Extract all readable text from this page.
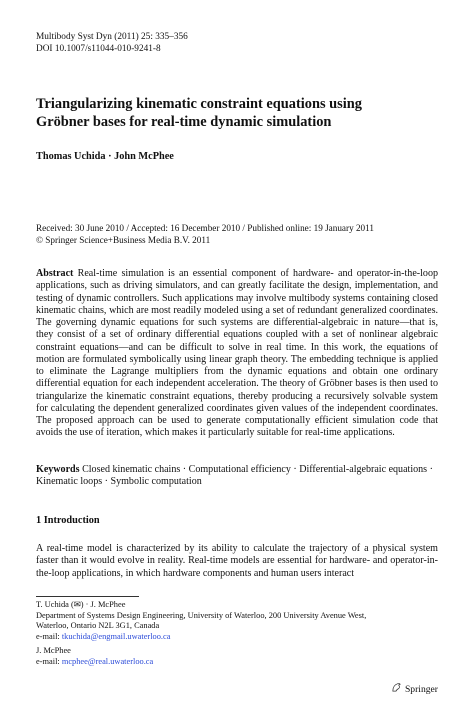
Multibody Syst Dyn (2011) 25: 335–356
DOI 10.1007/s11044-010-9241-8
Triangularizing kinematic constraint equations using
Gröbner bases for real-time dynamic simulation
Thomas Uchida · John McPhee
Received: 30 June 2010 / Accepted: 16 December 2010 / Published online: 19 January 2011
© Springer Science+Business Media B.V. 2011
Abstract Real-time simulation is an essential component of hardware- and operator-in-the-loop applications, such as driving simulators, and can greatly facilitate the design, implementation, and testing of dynamic controllers. Such applications may involve multibody systems containing closed kinematic chains, which are most readily modeled using a set of redundant generalized coordinates. The governing dynamic equations for such systems are differential-algebraic in nature—that is, they consist of a set of ordinary differential equations coupled with a set of nonlinear algebraic constraint equations—and can be difficult to solve in real time. In this work, the equations of motion are formulated symbolically using linear graph theory. The embedding technique is applied to eliminate the Lagrange multipliers from the dynamic equations and obtain one ordinary differential equation for each independent acceleration. The theory of Gröbner bases is then used to triangularize the kinematic constraint equations, thereby producing a recursively solvable system for calculating the dependent generalized coordinates given values of the independent coordinates. The proposed approach can be used to generate computationally efficient simulation code that avoids the use of iteration, which makes it particularly suitable for real-time applications.
Keywords Closed kinematic chains · Computational efficiency · Differential-algebraic equations · Kinematic loops · Symbolic computation
1 Introduction
A real-time model is characterized by its ability to calculate the trajectory of a physical system faster than it would evolve in reality. Real-time models are essential for hardware- and operator-in-the-loop applications, in which hardware components and human users interact
T. Uchida (✉) · J. McPhee
Department of Systems Design Engineering, University of Waterloo, 200 University Avenue West,
Waterloo, Ontario N2L 3G1, Canada
e-mail: tkuchida@engmail.uwaterloo.ca
J. McPhee
e-mail: mcphee@real.uwaterloo.ca
Springer
